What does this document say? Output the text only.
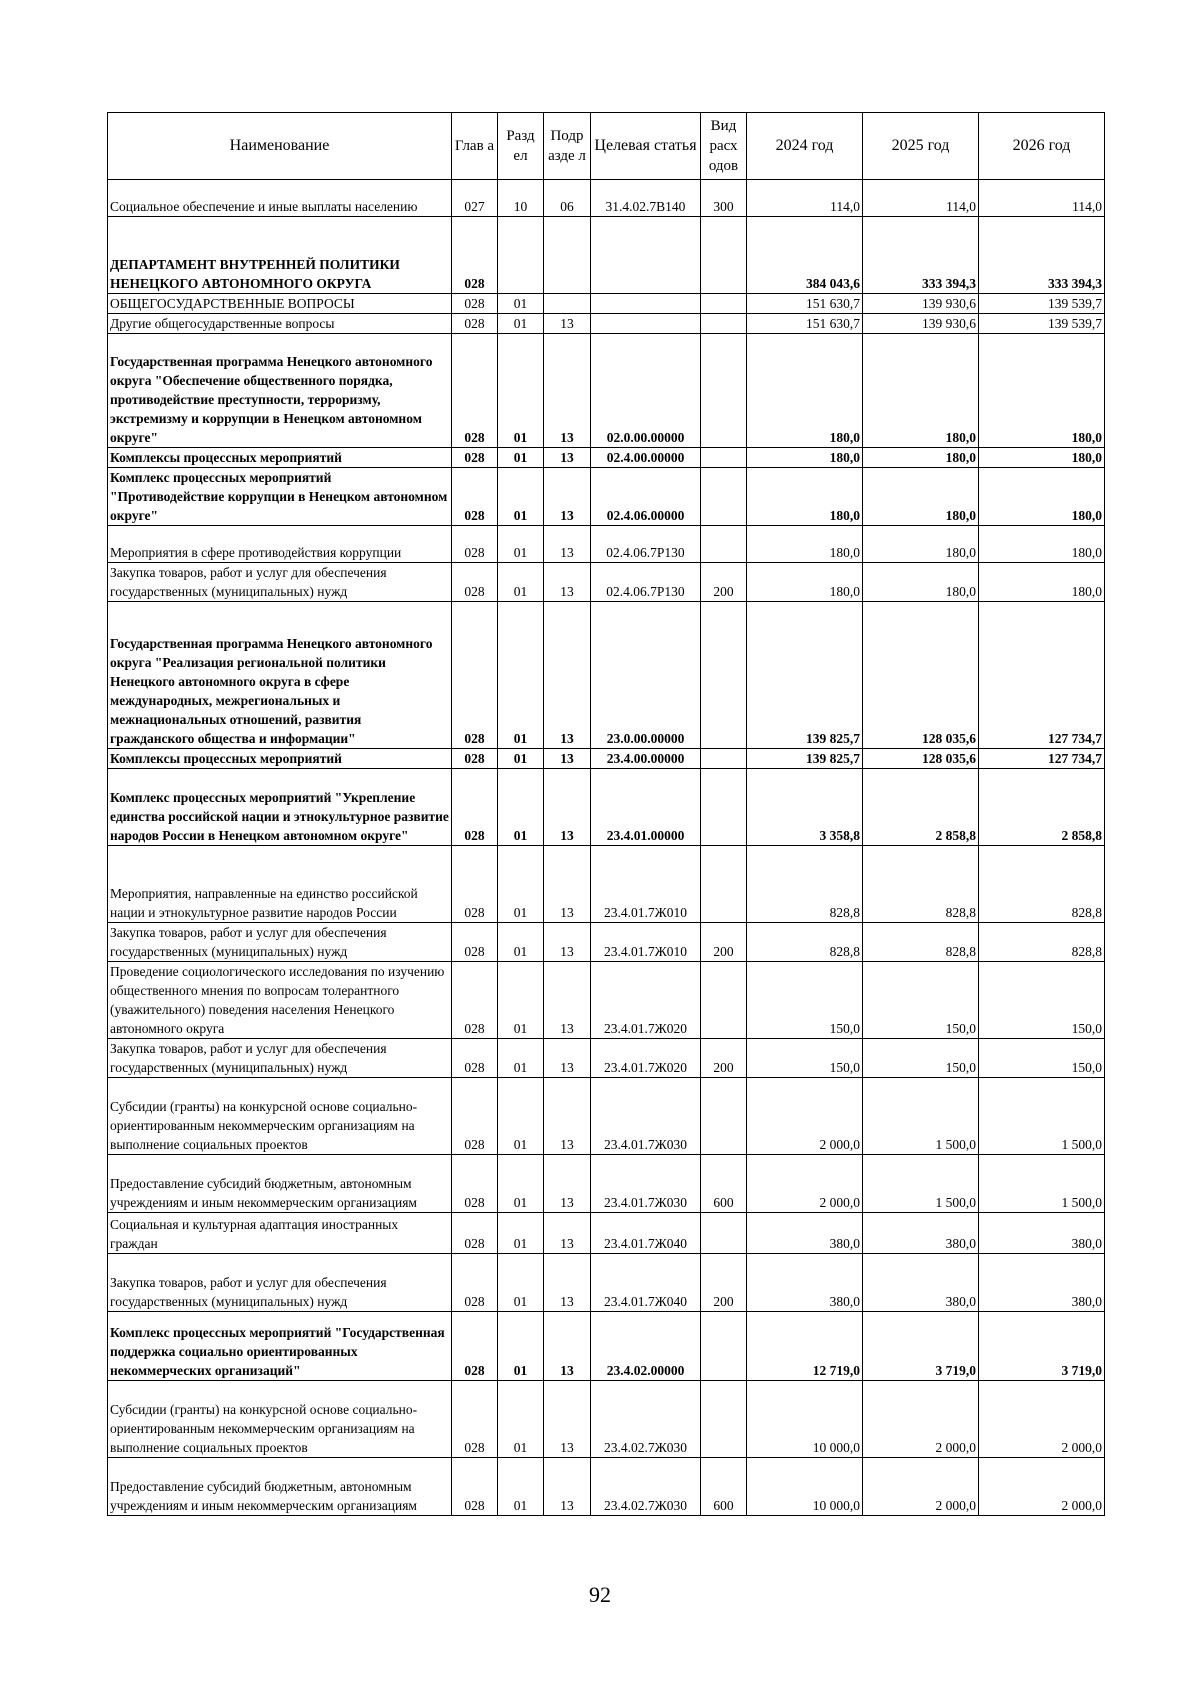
Наименование	Глав а	Разд ел	Подр азде л	Целевая статья	Вид расх одов	2024 год	2025 год	2026 год
Социальное обеспечение и иные выплаты населению	027	10	06	31.4.02.7В140	300	114,0	114,0	114,0
ДЕПАРТАМЕНТ ВНУТРЕННЕЙ ПОЛИТИКИ НЕНЕЦКОГО АВТОНОМНОГО ОКРУГА	028					384 043,6	333 394,3	333 394,3
ОБЩЕГОСУДАРСТВЕННЫЕ ВОПРОСЫ	028	01				151 630,7	139 930,6	139 539,7
Другие общегосударственные вопросы	028	01	13			151 630,7	139 930,6	139 539,7
Государственная программа Ненецкого автономного округа "Обеспечение общественного порядка, противодействие преступности, терроризму, экстремизму и коррупции в Ненецком автономном округе"	028	01	13	02.0.00.00000		180,0	180,0	180,0
Комплексы процессных мероприятий	028	01	13	02.4.00.00000		180,0	180,0	180,0
Комплекс процессных мероприятий "Противодействие коррупции в Ненецком автономном округе"	028	01	13	02.4.06.00000		180,0	180,0	180,0
Мероприятия в сфере противодействия коррупции	028	01	13	02.4.06.7Р130		180,0	180,0	180,0
Закупка товаров, работ и услуг для обеспечения государственных (муниципальных) нужд	028	01	13	02.4.06.7Р130	200	180,0	180,0	180,0
Государственная программа Ненецкого автономного округа "Реализация региональной политики Ненецкого автономного округа в сфере международных, межрегиональных и межнациональных отношений, развития гражданского общества и информации"	028	01	13	23.0.00.00000		139 825,7	128 035,6	127 734,7
Комплексы процессных мероприятий	028	01	13	23.4.00.00000		139 825,7	128 035,6	127 734,7
Комплекс процессных мероприятий "Укрепление единства российской нации и этнокультурное развитие народов России в Ненецком автономном округе"	028	01	13	23.4.01.00000		3 358,8	2 858,8	2 858,8
Мероприятия, направленные на единство российской нации и этнокультурное развитие народов России	028	01	13	23.4.01.7Ж010		828,8	828,8	828,8
Закупка товаров, работ и услуг для обеспечения государственных (муниципальных) нужд	028	01	13	23.4.01.7Ж010	200	828,8	828,8	828,8
Проведение социологического исследования по изучению общественного мнения по вопросам толерантного (уважительного) поведения населения Ненецкого автономного округа	028	01	13	23.4.01.7Ж020		150,0	150,0	150,0
Закупка товаров, работ и услуг для обеспечения государственных (муниципальных) нужд	028	01	13	23.4.01.7Ж020	200	150,0	150,0	150,0
Субсидии (гранты) на конкурсной основе социально-ориентированным некоммерческим организациям на выполнение социальных проектов	028	01	13	23.4.01.7Ж030		2 000,0	1 500,0	1 500,0
Предоставление субсидий бюджетным, автономным учреждениям и иным некоммерческим организациям	028	01	13	23.4.01.7Ж030	600	2 000,0	1 500,0	1 500,0
Социальная и культурная адаптация иностранных граждан	028	01	13	23.4.01.7Ж040		380,0	380,0	380,0
Закупка товаров, работ и услуг для обеспечения государственных (муниципальных) нужд	028	01	13	23.4.01.7Ж040	200	380,0	380,0	380,0
Комплекс процессных мероприятий "Государственная поддержка социально ориентированных некоммерческих организаций"	028	01	13	23.4.02.00000		12 719,0	3 719,0	3 719,0
Субсидии (гранты) на конкурсной основе социально-ориентированным некоммерческим организациям на выполнение социальных проектов	028	01	13	23.4.02.7Ж030		10 000,0	2 000,0	2 000,0
Предоставление субсидий бюджетным, автономным учреждениям и иным некоммерческим организациям	028	01	13	23.4.02.7Ж030	600	10 000,0	2 000,0	2 000,0
92
